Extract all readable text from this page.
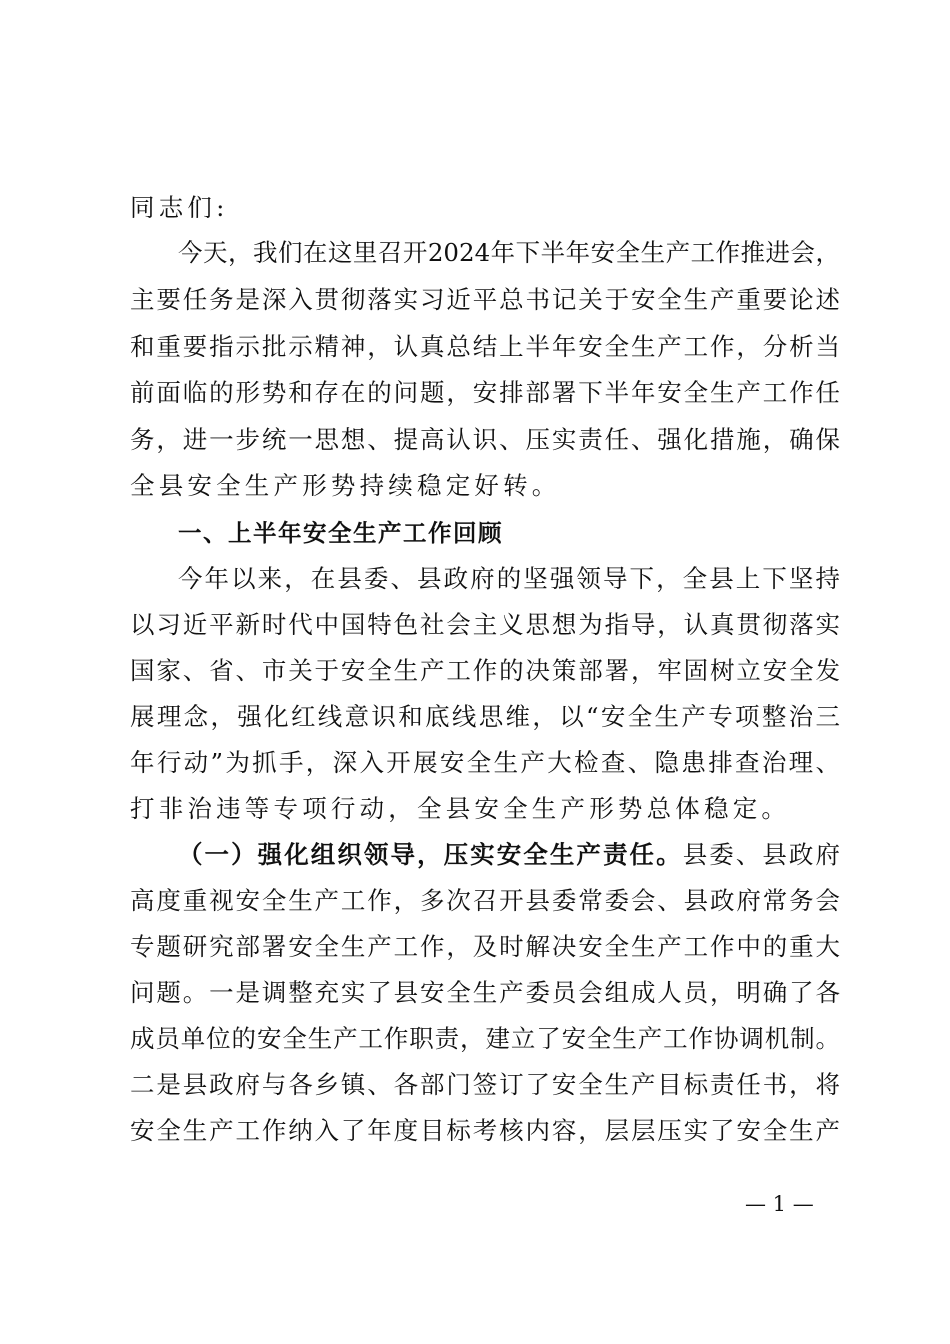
同志们:
今天，我们在这里召开2024年下半年安全生产工作推进会，
主要任务是深入贯彻落实习近平总书记关于安全生产重要论述
和重要指示批示精神，认真总结上半年安全生产工作，分析当
前面临的形势和存在的问题，安排部署下半年安全生产工作任
务，进一步统一思想、提高认识、压实责任、强化措施，确保
全县安全生产形势持续稳定好转。
一、上半年安全生产工作回顾
今年以来，在县委、县政府的坚强领导下，全县上下坚持
以习近平新时代中国特色社会主义思想为指导，认真贯彻落实
国家、省、市关于安全生产工作的决策部署，牢固树立安全发
展理念，强化红线意识和底线思维，以“安全生产专项整治三
年行动”为抓手，深入开展安全生产大检查、隐患排查治理、
打非治违等专项行动，全县安全生产形势总体稳定。
（一）强化组织领导，压实安全生产责任。县委、县政府
高度重视安全生产工作，多次召开县委常委会、县政府常务会
专题研究部署安全生产工作，及时解决安全生产工作中的重大
问题。一是调整充实了县安全生产委员会组成人员，明确了各
成员单位的安全生产工作职责，建立了安全生产工作协调机制。
二是县政府与各乡镇、各部门签订了安全生产目标责任书，将
安全生产工作纳入了年度目标考核内容，层层压实了安全生产
— 1 —
